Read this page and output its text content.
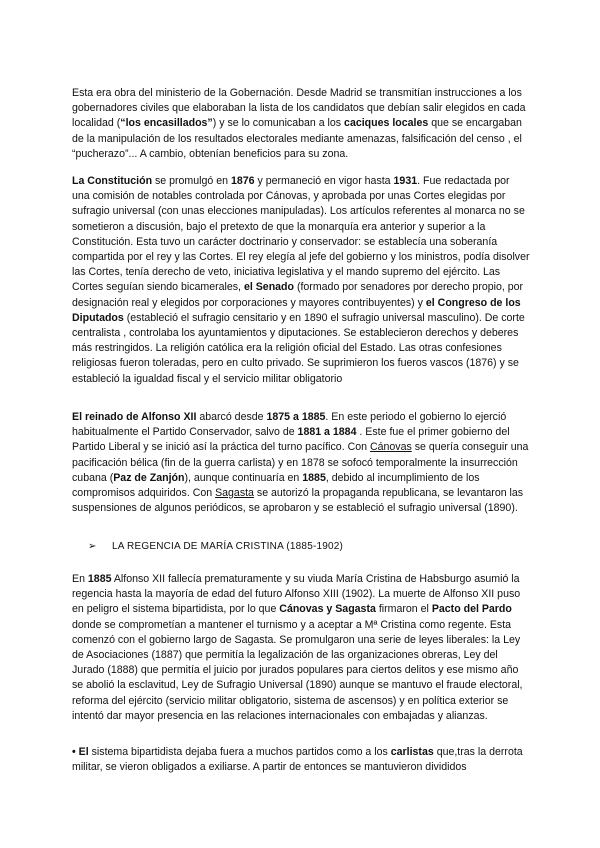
Esta era obra del ministerio de la Gobernación. Desde Madrid se transmitían instrucciones a los gobernadores civiles que elaboraban la lista de los candidatos que debían salir elegidos en cada localidad (“los encasillados”) y se lo comunicaban a los caciques locales que se encargaban de la manipulación de los resultados electorales mediante amenazas, falsificación del censo , el “pucherazo”... A cambio, obtenían beneficios para su zona.

La Constitución se promulgó en 1876 y permaneció en vigor hasta 1931. Fue redactada por una comisión de notables controlada por Cánovas, y aprobada por unas Cortes elegidas por sufragio universal (con unas elecciones manipuladas). Los artículos referentes al monarca no se sometieron a discusión, bajo el pretexto de que la monarquía era anterior y superior a la Constitución. Esta tuvo un carácter doctrinario y conservador: se establecía una soberanía compartida por el rey y las Cortes. El rey elegía al jefe del gobierno y los ministros, podía disolver las Cortes, tenía derecho de veto, iniciativa legislativa y el mando supremo del ejército. Las Cortes seguían siendo bicamerales, el Senado (formado por senadores por derecho propio, por designación real y elegidos por corporaciones y mayores contribuyentes) y el Congreso de los Diputados (estableció el sufragio censitario y en 1890 el sufragio universal masculino). De corte centralista , controlaba los ayuntamientos y diputaciones. Se establecieron derechos y deberes más restringidos. La religión católica era la religión oficial del Estado. Las otras confesiones religiosas fueron toleradas, pero en culto privado. Se suprimieron los fueros vascos (1876) y se estableció la igualdad fiscal y el servicio militar obligatorio

El reinado de Alfonso XII abarcó desde 1875 a 1885. En este periodo el gobierno lo ejerció habitualmente el Partido Conservador, salvo de 1881 a 1884 . Este fue el primer gobierno del Partido Liberal y se inició así la práctica del turno pacífico. Con Cánovas se quería conseguir una pacificación bélica (fin de la guerra carlista) y en 1878 se sofocó temporalmente la insurrección cubana (Paz de Zanjón), aunque continuaría en 1885, debido al incumplimiento de los compromisos adquiridos. Con Sagasta se autorizó la propaganda republicana, se levantaron las suspensiones de algunos periódicos, se aprobaron y se estableció el sufragio universal (1890).

➢ LA REGENCIA DE MARÍA CRISTINA (1885-1902)

En 1885 Alfonso XII fallecía prematuramente y su viuda María Cristina de Habsburgo asumió la regencia hasta la mayoría de edad del futuro Alfonso XIII (1902). La muerte de Alfonso XII puso en peligro el sistema bipartidista, por lo que Cánovas y Sagasta firmaron el Pacto del Pardo donde se comprometían a mantener el turnismo y a aceptar a Mª Cristina como regente. Esta comenzó con el gobierno largo de Sagasta. Se promulgaron una serie de leyes liberales: la Ley de Asociaciones (1887) que permitía la legalización de las organizaciones obreras, Ley del Jurado (1888) que permitía el juicio por jurados populares para ciertos delitos y ese mismo año se abolió la esclavitud, Ley de Sufragio Universal (1890) aunque se mantuvo el fraude electoral, reforma del ejército (servicio militar obligatorio, sistema de ascensos) y en política exterior se intentó dar mayor presencia en las relaciones internacionales con embajadas y alianzas.

• El sistema bipartidista dejaba fuera a muchos partidos como a los carlistas que,tras la derrota militar, se vieron obligados a exiliarse. A partir de entonces se mantuvieron divididos
